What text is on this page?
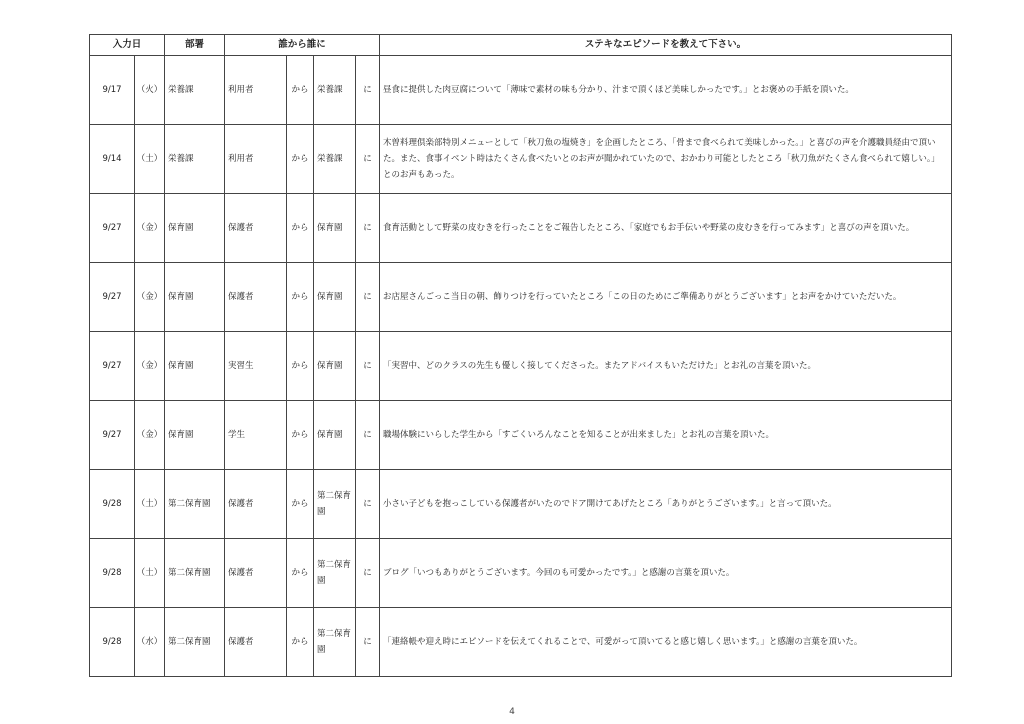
入力日		部署	誰から誰に				ステキなエピソードを教えて下さい。
9/17	（火）	栄養課	利用者	から	栄養課	に	昼食に提供した肉豆腐について「薄味で素材の味も分かり、汁まで頂くほど美味しかったです。」とお褒めの手紙を頂いた。
9/14	（土）	栄養課	利用者	から	栄養課	に	木曽料理倶楽部特別メニューとして「秋刀魚の塩焼き」を企画したところ、「骨まで食べられて美味しかった。」と喜びの声を介護職員経由で頂いた。また、食事イベント時はたくさん食べたいとのお声が聞かれていたので、おかわり可能としたところ「秋刀魚がたくさん食べられて嬉しい。」とのお声もあった。
9/27	（金）	保育園	保護者	から	保育園	に	食育活動として野菜の皮むきを行ったことをご報告したところ、「家庭でもお手伝いや野菜の皮むきを行ってみます」と喜びの声を頂いた。
9/27	（金）	保育園	保護者	から	保育園	に	お店屋さんごっこ当日の朝、飾りつけを行っていたところ「この日のためにご準備ありがとうございます」とお声をかけていただいた。
9/27	（金）	保育園	実習生	から	保育園	に	「実習中、どのクラスの先生も優しく接してくださった。またアドバイスもいただけた」とお礼の言葉を頂いた。
9/27	（金）	保育園	学生	から	保育園	に	職場体験にいらした学生から「すごくいろんなことを知ることが出来ました」とお礼の言葉を頂いた。
9/28	（土）	第二保育園	保護者	から	第二保育園	に	小さい子どもを抱っこしている保護者がいたのでドア開けてあげたところ「ありがとうございます。」と言って頂いた。
9/28	（土）	第二保育園	保護者	から	第二保育園	に	ブログ「いつもありがとうございます。今回のも可愛かったです。」と感謝の言葉を頂いた。
9/28	（水）	第二保育園	保護者	から	第二保育園	に	「連絡帳や迎え時にエピソードを伝えてくれることで、可愛がって頂いてると感じ嬉しく思います。」と感謝の言葉を頂いた。
4
